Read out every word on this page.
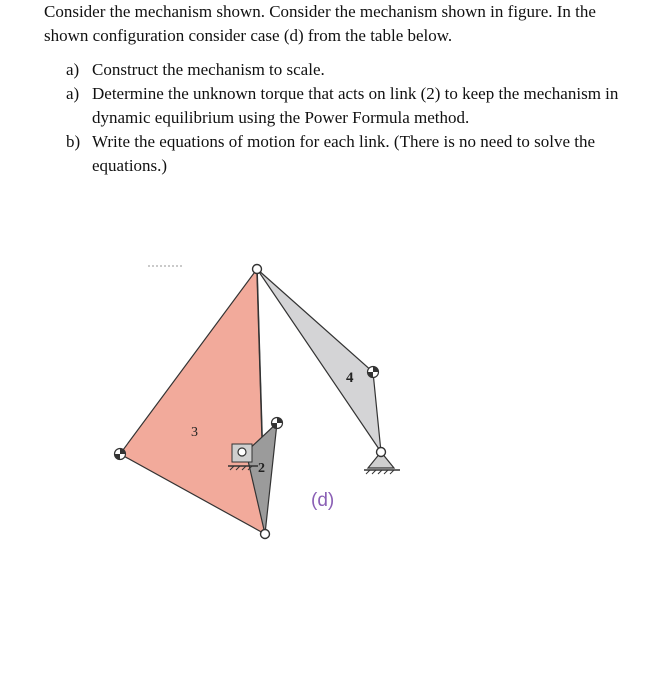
Consider the mechanism shown. Consider the mechanism shown in figure. In the shown configuration consider case (d) from the table below.
a) Construct the mechanism to scale.
a) Determine the unknown torque that acts on link (2) to keep the mechanism in dynamic equilibrium using the Power Formula method.
b) Write the equations of motion for each link. (There is no need to solve the equations.)
3
4
2
(d)
